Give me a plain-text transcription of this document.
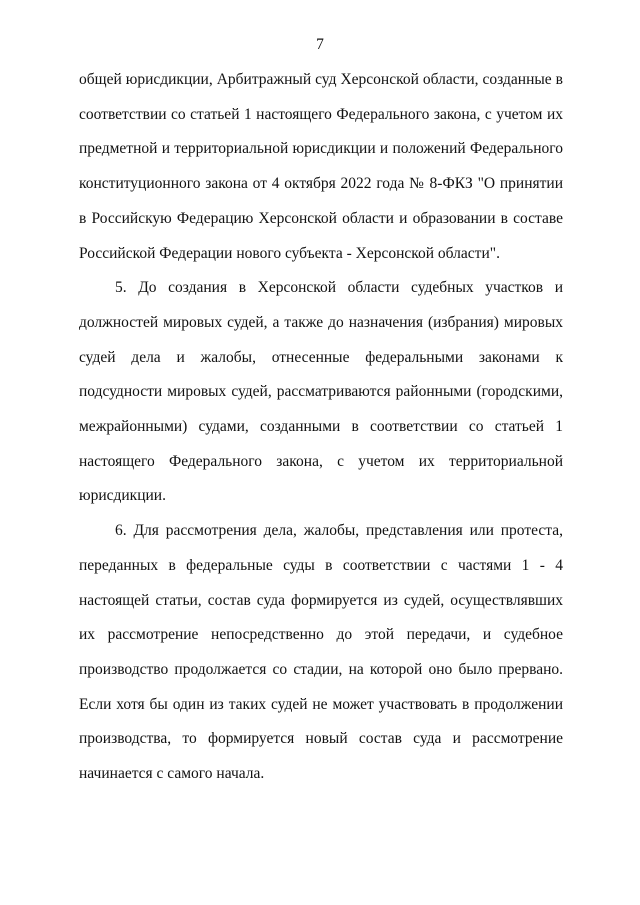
7

общей юрисдикции, Арбитражный суд Херсонской области, созданные в соответствии со статьей 1 настоящего Федерального закона, с учетом их предметной и территориальной юрисдикции и положений Федерального конституционного закона от 4 октября 2022 года № 8-ФКЗ "О принятии в Российскую Федерацию Херсонской области и образовании в составе Российской Федерации нового субъекта - Херсонской области".

5. До создания в Херсонской области судебных участков и должностей мировых судей, а также до назначения (избрания) мировых судей дела и жалобы, отнесенные федеральными законами к подсудности мировых судей, рассматриваются районными (городскими, межрайонными) судами, созданными в соответствии со статьей 1 настоящего Федерального закона, с учетом их территориальной юрисдикции.

6. Для рассмотрения дела, жалобы, представления или протеста, переданных в федеральные суды в соответствии с частями 1 - 4 настоящей статьи, состав суда формируется из судей, осуществлявших их рассмотрение непосредственно до этой передачи, и судебное производство продолжается со стадии, на которой оно было прервано. Если хотя бы один из таких судей не может участвовать в продолжении производства, то формируется новый состав суда и рассмотрение начинается с самого начала.
